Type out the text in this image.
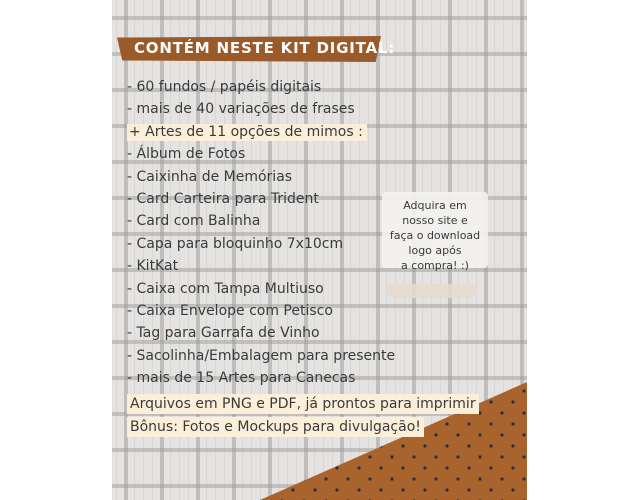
CONTÉM NESTE KIT DIGITAL:
- 60 fundos / papéis digitais
- mais de 40 variações de frases
+ Artes de 11 opções de mimos :
- Álbum de Fotos
- Caixinha de Memórias
- Card Carteira para Trident
- Card com Balinha
- Capa para bloquinho 7x10cm
- KitKat
- Caixa com Tampa Multiuso
- Caixa Envelope com Petisco
- Tag para Garrafa de Vinho
- Sacolinha/Embalagem para presente
- mais de 15 Artes para Canecas
Adquira em
nosso site e
faça o download
logo após
a compra! :)
Arquivos em PNG e PDF, já prontos para imprimir
Bônus: Fotos e Mockups para divulgação!
